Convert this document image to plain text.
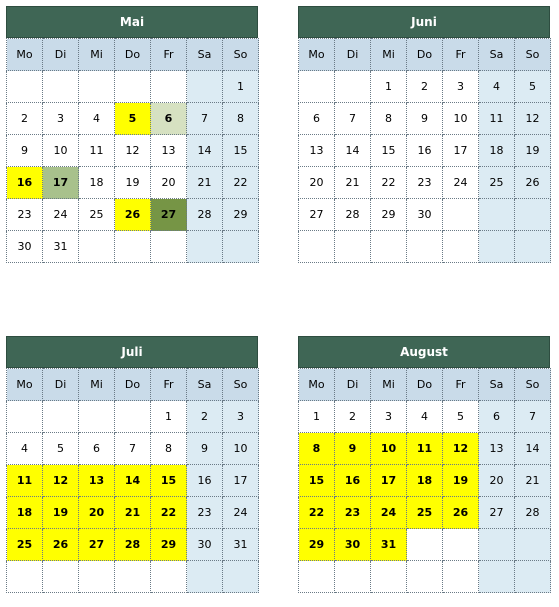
Mai
Mo	Di	Mi	Do	Fr	Sa	So
						1
2	3	4	5	6	7	8
9	10	11	12	13	14	15
16	17	18	19	20	21	22
23	24	25	26	27	28	29
30	31					
Juni
Mo	Di	Mi	Do	Fr	Sa	So
		1	2	3	4	5
6	7	8	9	10	11	12
13	14	15	16	17	18	19
20	21	22	23	24	25	26
27	28	29	30			

Juli
Mo	Di	Mi	Do	Fr	Sa	So
				1	2	3
4	5	6	7	8	9	10
11	12	13	14	15	16	17
18	19	20	21	22	23	24
25	26	27	28	29	30	31

August
Mo	Di	Mi	Do	Fr	Sa	So
1	2	3	4	5	6	7
8	9	10	11	12	13	14
15	16	17	18	19	20	21
22	23	24	25	26	27	28
29	30	31				
